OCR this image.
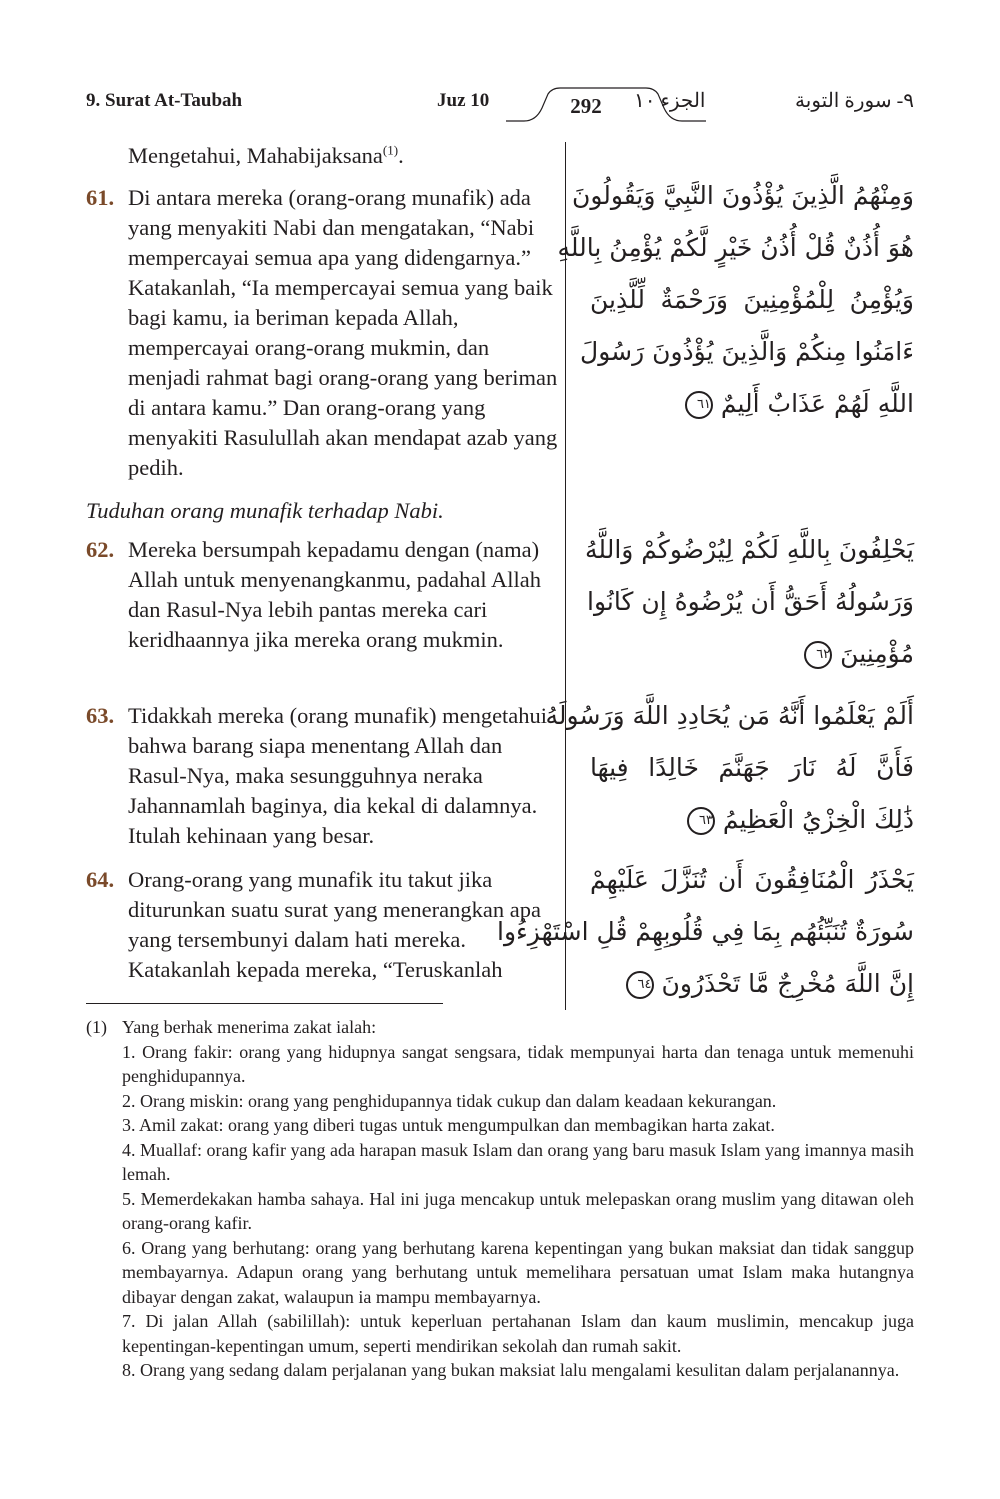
9. Surat At-Taubah	Juz 10	292	الجزء ١٠	٩- سورة التوبة
Mengetahui, Mahabijaksana$^{(1)}$.
61. Di antara mereka (orang-orang munafik) ada yang menyakiti Nabi dan mengatakan, “Nabi mempercayai semua apa yang didengarnya.” Katakanlah, “Ia mempercayai semua yang baik bagi kamu, ia beriman kepada Allah, mempercayai orang-orang mukmin, dan menjadi rahmat bagi orang-orang yang beriman di antara kamu.” Dan orang-orang yang menyakiti Rasulullah akan mendapat azab yang pedih.
وَمِنْهُمُ الَّذِينَ يُؤْذُونَ النَّبِيَّ وَيَقُولُونَ
هُوَ أُذُنٌ قُلْ أُذُنُ خَيْرٍ لَّكُمْ يُؤْمِنُ بِاللَّهِ
وَيُؤْمِنُ لِلْمُؤْمِنِينَ وَرَحْمَةٌ لِّلَّذِينَ
ءَامَنُوا مِنكُمْ وَالَّذِينَ يُؤْذُونَ رَسُولَ
اللَّهِ لَهُمْ عَذَابٌ أَلِيمٌ ٦١
Tuduhan orang munafik terhadap Nabi.
62. Mereka bersumpah kepadamu dengan (nama) Allah untuk menyenangkanmu, padahal Allah dan Rasul-Nya lebih pantas mereka cari keridhaannya jika mereka orang mukmin.
يَحْلِفُونَ بِاللَّهِ لَكُمْ لِيُرْضُوكُمْ وَاللَّهُ
وَرَسُولُهُ أَحَقُّ أَن يُرْضُوهُ إِن كَانُوا
مُؤْمِنِينَ ٦٢
63. Tidakkah mereka (orang munafik) mengetahui bahwa barang siapa menentang Allah dan Rasul-Nya, maka sesungguhnya neraka Jahannamlah baginya, dia kekal di dalamnya. Itulah kehinaan yang besar.
أَلَمْ يَعْلَمُوا أَنَّهُ مَن يُحَادِدِ اللَّهَ وَرَسُولَهُ
فَأَنَّ لَهُ نَارَ جَهَنَّمَ خَالِدًا فِيهَا
ذَٰلِكَ الْخِزْيُ الْعَظِيمُ ٦٣
64. Orang-orang yang munafik itu takut jika diturunkan suatu surat yang menerangkan apa yang tersembunyi dalam hati mereka. Katakanlah kepada mereka, “Teruskanlah
يَحْذَرُ الْمُنَافِقُونَ أَن تُنَزَّلَ عَلَيْهِمْ
سُورَةٌ تُنَبِّئُهُم بِمَا فِي قُلُوبِهِمْ قُلِ اسْتَهْزِءُوا
إِنَّ اللَّهَ مُخْرِجٌ مَّا تَحْذَرُونَ ٦٤
(1) Yang berhak menerima zakat ialah:
1. Orang fakir: orang yang hidupnya sangat sengsara, tidak mempunyai harta dan tenaga untuk memenuhi penghidupannya.
2. Orang miskin: orang yang penghidupannya tidak cukup dan dalam keadaan kekurangan.
3. Amil zakat: orang yang diberi tugas untuk mengumpulkan dan membagikan harta zakat.
4. Muallaf: orang kafir yang ada harapan masuk Islam dan orang yang baru masuk Islam yang imannya masih lemah.
5. Memerdekakan hamba sahaya. Hal ini juga mencakup untuk melepaskan orang muslim yang ditawan oleh orang-orang kafir.
6. Orang yang berhutang: orang yang berhutang karena kepentingan yang bukan maksiat dan tidak sanggup membayarnya. Adapun orang yang berhutang untuk memelihara persatuan umat Islam maka hutangnya dibayar dengan zakat, walaupun ia mampu membayarnya.
7. Di jalan Allah (sabilillah): untuk keperluan pertahanan Islam dan kaum muslimin, mencakup juga kepentingan-kepentingan umum, seperti mendirikan sekolah dan rumah sakit.
8. Orang yang sedang dalam perjalanan yang bukan maksiat lalu mengalami kesulitan dalam perjalanannya.
